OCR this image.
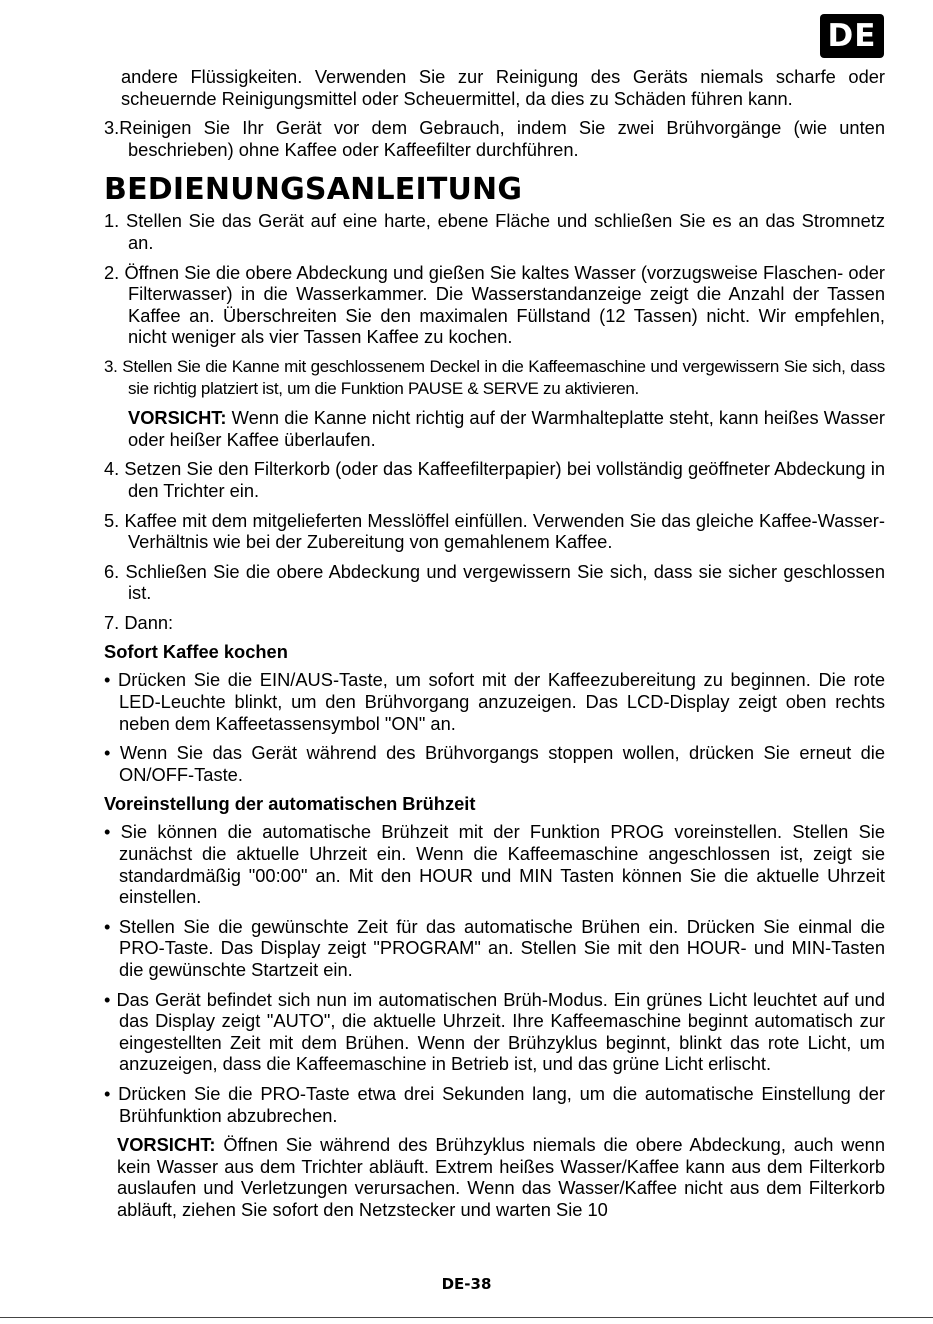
DE

andere Flüssigkeiten. Verwenden Sie zur Reinigung des Geräts niemals scharfe oder scheuernde Reinigungsmittel oder Scheuermittel, da dies zu Schäden führen kann.

3.Reinigen Sie Ihr Gerät vor dem Gebrauch, indem Sie zwei Brühvorgänge (wie unten beschrieben) ohne Kaffee oder Kaffeefilter durchführen.

BEDIENUNGSANLEITUNG

1. Stellen Sie das Gerät auf eine harte, ebene Fläche und schließen Sie es an das Stromnetz an.

2. Öffnen Sie die obere Abdeckung und gießen Sie kaltes Wasser (vorzugsweise Flaschen- oder Filterwasser) in die Wasserkammer. Die Wasserstandanzeige zeigt die Anzahl der Tassen Kaffee an. Überschreiten Sie den maximalen Füllstand (12 Tassen) nicht. Wir empfehlen, nicht weniger als vier Tassen Kaffee zu kochen.

3. Stellen Sie die Kanne mit geschlossenem Deckel in die Kaffeemaschine und vergewissern Sie sich, dass sie richtig platziert ist, um die Funktion PAUSE & SERVE zu aktivieren.

VORSICHT: Wenn die Kanne nicht richtig auf der Warmhalteplatte steht, kann heißes Wasser oder heißer Kaffee überlaufen.

4. Setzen Sie den Filterkorb (oder das Kaffeefilterpapier) bei vollständig geöffneter Abdeckung in den Trichter ein.

5. Kaffee mit dem mitgelieferten Messlöffel einfüllen. Verwenden Sie das gleiche Kaffee-Wasser-Verhältnis wie bei der Zubereitung von gemahlenem Kaffee.

6. Schließen Sie die obere Abdeckung und vergewissern Sie sich, dass sie sicher geschlossen ist.

7. Dann:

Sofort Kaffee kochen

• Drücken Sie die EIN/AUS-Taste, um sofort mit der Kaffeezubereitung zu beginnen. Die rote LED-Leuchte blinkt, um den Brühvorgang anzuzeigen. Das LCD-Display zeigt oben rechts neben dem Kaffeetassensymbol "ON" an.

• Wenn Sie das Gerät während des Brühvorgangs stoppen wollen, drücken Sie erneut die ON/OFF-Taste.

Voreinstellung der automatischen Brühzeit

• Sie können die automatische Brühzeit mit der Funktion PROG voreinstellen. Stellen Sie zunächst die aktuelle Uhrzeit ein. Wenn die Kaffeemaschine angeschlossen ist, zeigt sie standardmäßig "00:00" an. Mit den HOUR und MIN Tasten können Sie die aktuelle Uhrzeit einstellen.

• Stellen Sie die gewünschte Zeit für das automatische Brühen ein. Drücken Sie einmal die PRO-Taste. Das Display zeigt "PROGRAM" an. Stellen Sie mit den HOUR- und MIN-Tasten die gewünschte Startzeit ein.

• Das Gerät befindet sich nun im automatischen Brüh-Modus. Ein grünes Licht leuchtet auf und das Display zeigt "AUTO", die aktuelle Uhrzeit. Ihre Kaffeemaschine beginnt automatisch zur eingestellten Zeit mit dem Brühen. Wenn der Brühzyklus beginnt, blinkt das rote Licht, um anzuzeigen, dass die Kaffeemaschine in Betrieb ist, und das grüne Licht erlischt.

• Drücken Sie die PRO-Taste etwa drei Sekunden lang, um die automatische Einstellung der Brühfunktion abzubrechen.

VORSICHT: Öffnen Sie während des Brühzyklus niemals die obere Abdeckung, auch wenn kein Wasser aus dem Trichter abläuft. Extrem heißes Wasser/Kaffee kann aus dem Filterkorb auslaufen und Verletzungen verursachen. Wenn das Wasser/Kaffee nicht aus dem Filterkorb abläuft, ziehen Sie sofort den Netzstecker und warten Sie 10

DE-38
